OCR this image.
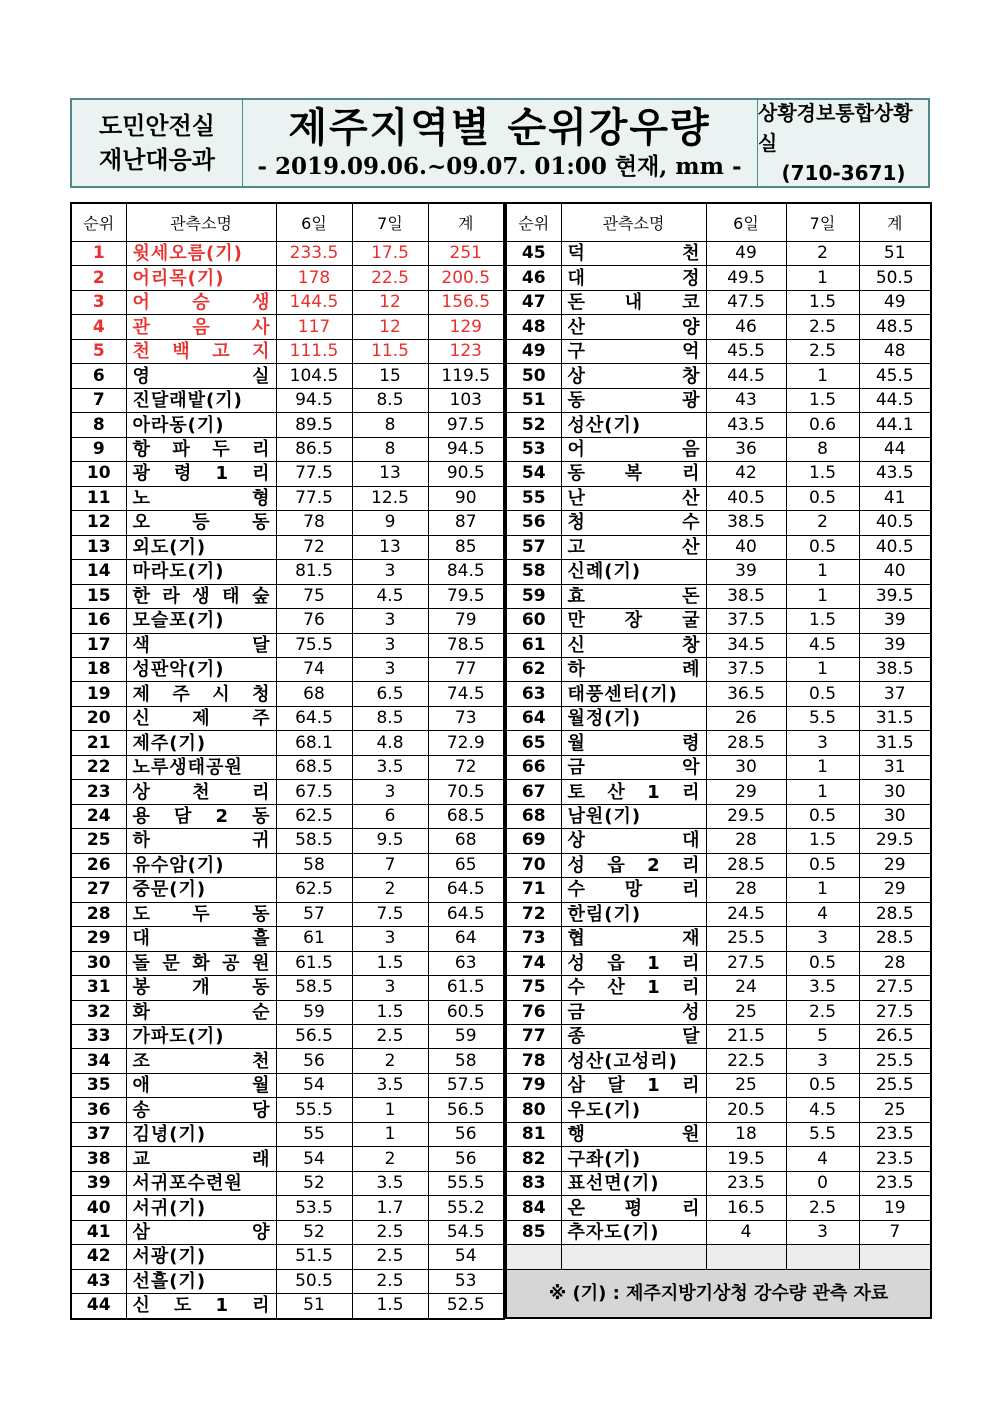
도민안전실
재난대응과
제주지역별 순위강우량
- 2019.09.06.~09.07. 01:00 현재, mm -
상황경보통합상황실
(710-3671)
순위	관측소명	6일	7일	계
1	윗세오름(기)	233.5	17.5	251
2	어리목(기)	178	22.5	200.5
3	어 승 생	144.5	12	156.5
4	관 음 사	117	12	129
5	천 백 고 지	111.5	11.5	123
6	영 실	104.5	15	119.5
7	진달래밭(기)	94.5	8.5	103
8	아라동(기)	89.5	8	97.5
9	항 파 두 리	86.5	8	94.5
10	광 령 1 리	77.5	13	90.5
11	노 형	77.5	12.5	90
12	오 등 동	78	9	87
13	외도(기)	72	13	85
14	마라도(기)	81.5	3	84.5
15	한 라 생 태 숲	75	4.5	79.5
16	모슬포(기)	76	3	79
17	색 달	75.5	3	78.5
18	성판악(기)	74	3	77
19	제 주 시 청	68	6.5	74.5
20	신 제 주	64.5	8.5	73
21	제주(기)	68.1	4.8	72.9
22	노루생태공원	68.5	3.5	72
23	상 천 리	67.5	3	70.5
24	용 담 2 동	62.5	6	68.5
25	하 귀	58.5	9.5	68
26	유수암(기)	58	7	65
27	중문(기)	62.5	2	64.5
28	도 두 동	57	7.5	64.5
29	대 흘	61	3	64
30	돌 문 화 공 원	61.5	1.5	63
31	봉 개 동	58.5	3	61.5
32	화 순	59	1.5	60.5
33	가파도(기)	56.5	2.5	59
34	조 천	56	2	58
35	애 월	54	3.5	57.5
36	송 당	55.5	1	56.5
37	김녕(기)	55	1	56
38	교 래	54	2	56
39	서귀포수련원	52	3.5	55.5
40	서귀(기)	53.5	1.7	55.2
41	삼 양	52	2.5	54.5
42	서광(기)	51.5	2.5	54
43	선흘(기)	50.5	2.5	53
44	신 도 1 리	51	1.5	52.5
순위	관측소명	6일	7일	계
45	덕 천	49	2	51
46	대 정	49.5	1	50.5
47	돈 내 코	47.5	1.5	49
48	산 양	46	2.5	48.5
49	구 억	45.5	2.5	48
50	상 창	44.5	1	45.5
51	동 광	43	1.5	44.5
52	성산(기)	43.5	0.6	44.1
53	어 음	36	8	44
54	동 복 리	42	1.5	43.5
55	난 산	40.5	0.5	41
56	청 수	38.5	2	40.5
57	고 산	40	0.5	40.5
58	신례(기)	39	1	40
59	효 돈	38.5	1	39.5
60	만 장 굴	37.5	1.5	39
61	신 창	34.5	4.5	39
62	하 례	37.5	1	38.5
63	태풍센터(기)	36.5	0.5	37
64	월정(기)	26	5.5	31.5
65	월 령	28.5	3	31.5
66	금 악	30	1	31
67	토 산 1 리	29	1	30
68	남원(기)	29.5	0.5	30
69	상 대	28	1.5	29.5
70	성 읍 2 리	28.5	0.5	29
71	수 망 리	28	1	29
72	한림(기)	24.5	4	28.5
73	협 재	25.5	3	28.5
74	성 읍 1 리	27.5	0.5	28
75	수 산 1 리	24	3.5	27.5
76	금 성	25	2.5	27.5
77	종 달	21.5	5	26.5
78	성산(고성리)	22.5	3	25.5
79	삼 달 1 리	25	0.5	25.5
80	우도(기)	20.5	4.5	25
81	행 원	18	5.5	23.5
82	구좌(기)	19.5	4	23.5
83	표선면(기)	23.5	0	23.5
84	온 평 리	16.5	2.5	19
85	추자도(기)	4	3	7

※ (기) : 제주지방기상청 강수량 관측 자료				
